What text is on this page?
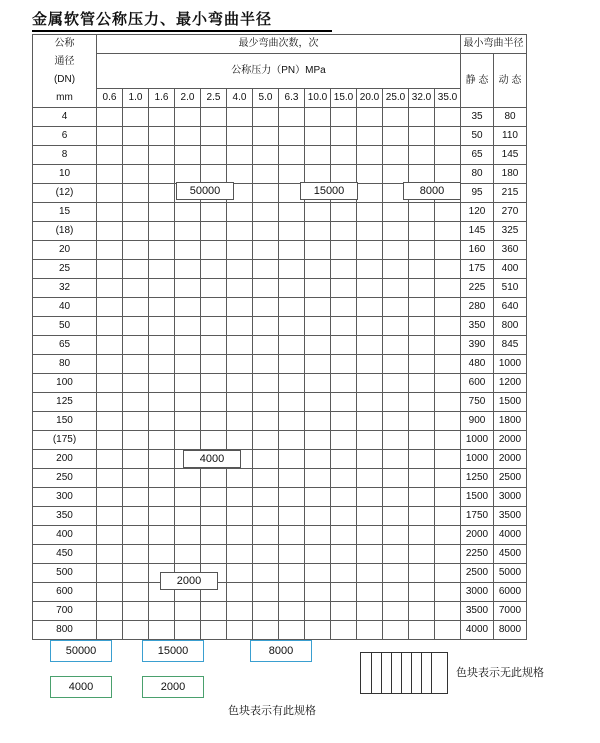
金属软管公称压力、最小弯曲半径
公称
通径
(DN)
mm	最少弯曲次数，次														最小弯曲半径	
	公称压力（PN）MPa														静 态	动 态
	0.6	1.0	1.6	2.0	2.5	4.0	5.0	6.3	10.0	15.0	20.0	25.0	32.0	35.0		
4															35	80
6															50	110
8															65	145
10															80	180
(12)															95	215
15															120	270
(18)															145	325
20															160	360
25															175	400
32															225	510
40															280	640
50															350	800
65															390	845
80															480	1000
100															600	1200
125															750	1500
150															900	1800
(175)															1000	2000
200															1000	2000
250															1250	2500
300															1500	3000
350															1750	3500
400															2000	4000
450															2250	4500
500															2500	5000
600															3000	6000
700															3500	7000
800															4000	8000
50000	15000	8000
4000
2000
50000	15000	8000
4000	2000
色块表示有此规格
色块表示无此规格
